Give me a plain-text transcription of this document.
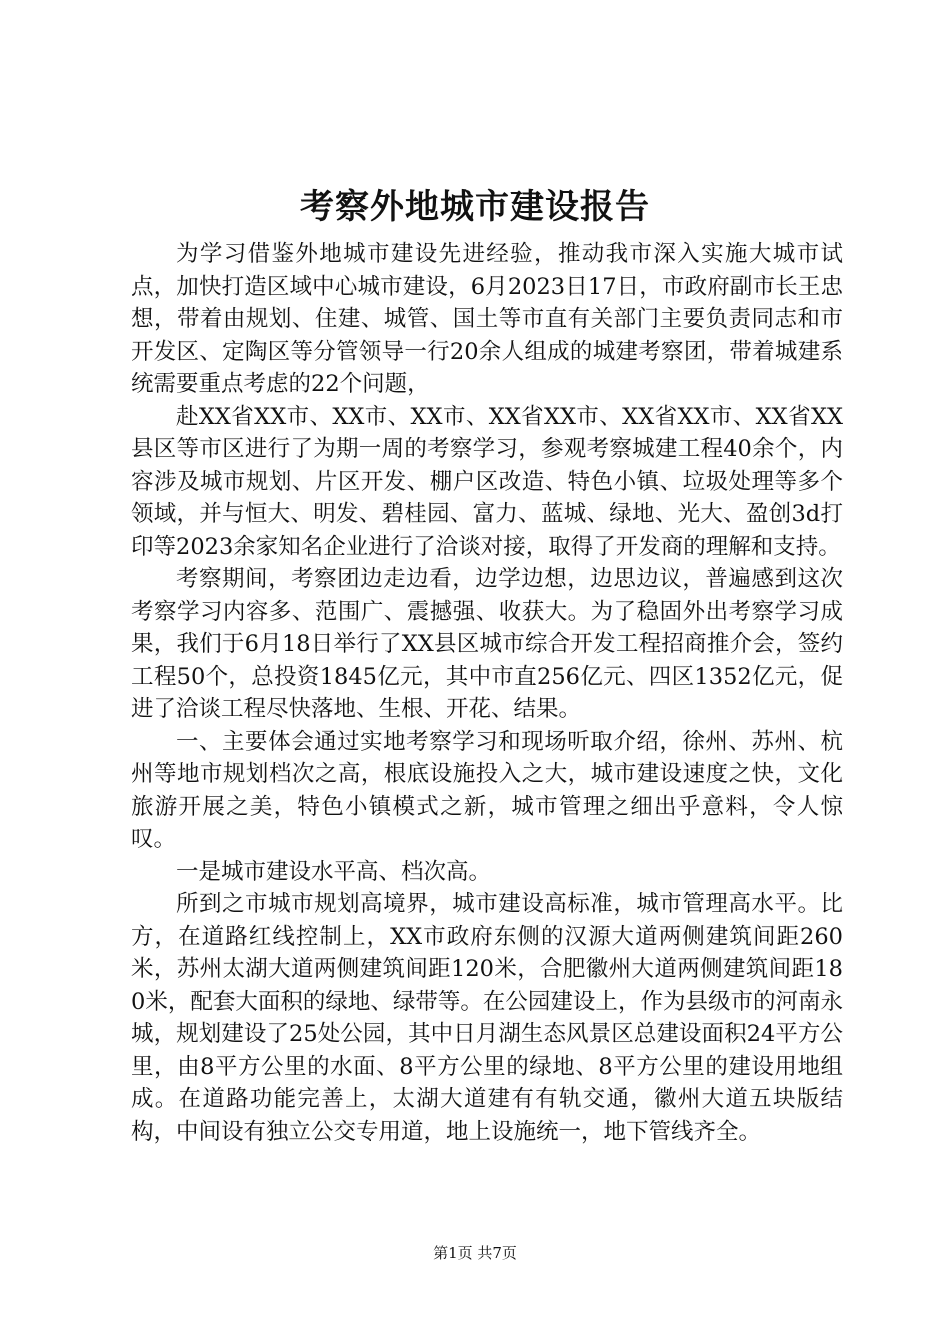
考察外地城市建设报告

为学习借鉴外地城市建设先进经验，推动我市深入实施大城市试点，加快打造区域中心城市建设，6月2023日17日，市政府副市长王忠想，带着由规划、住建、城管、国土等市直有关部门主要负责同志和市开发区、定陶区等分管领导一行20余人组成的城建考察团，带着城建系统需要重点考虑的22个问题，

赴XX省XX市、XX市、XX市、XX省XX市、XX省XX市、XX省XX县区等市区进行了为期一周的考察学习，参观考察城建工程40余个，内容涉及城市规划、片区开发、棚户区改造、特色小镇、垃圾处理等多个领域，并与恒大、明发、碧桂园、富力、蓝城、绿地、光大、盈创3d打印等2023余家知名企业进行了洽谈对接，取得了开发商的理解和支持。

考察期间，考察团边走边看，边学边想，边思边议，普遍感到这次考察学习内容多、范围广、震撼强、收获大。为了稳固外出考察学习成果，我们于6月18日举行了XX县区城市综合开发工程招商推介会，签约工程50个，总投资1845亿元，其中市直256亿元、四区1352亿元，促进了洽谈工程尽快落地、生根、开花、结果。

一、主要体会通过实地考察学习和现场听取介绍，徐州、苏州、杭州等地市规划档次之高，根底设施投入之大，城市建设速度之快，文化旅游开展之美，特色小镇模式之新，城市管理之细出乎意料，令人惊叹。

一是城市建设水平高、档次高。

所到之市城市规划高境界，城市建设高标准，城市管理高水平。比方，在道路红线控制上，XX市政府东侧的汉源大道两侧建筑间距260米，苏州太湖大道两侧建筑间距120米，合肥徽州大道两侧建筑间距180米，配套大面积的绿地、绿带等。在公园建设上，作为县级市的河南永城，规划建设了25处公园，其中日月湖生态风景区总建设面积24平方公里，由8平方公里的水面、8平方公里的绿地、8平方公里的建设用地组成。在道路功能完善上，太湖大道建有有轨交通，徽州大道五块版结构，中间设有独立公交专用道，地上设施统一，地下管线齐全。

第1页 共7页
